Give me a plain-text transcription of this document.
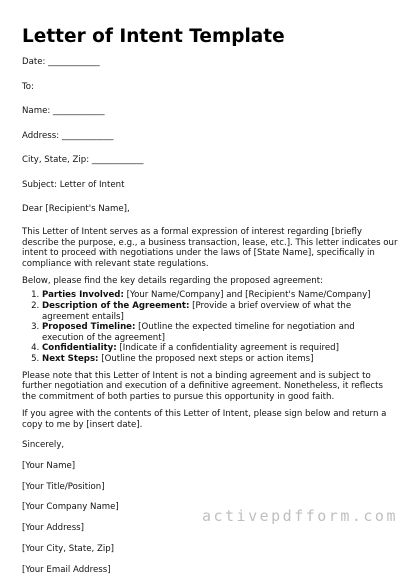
Letter of Intent Template

Date: ____________

To:

Name: ____________

Address: ____________

City, State, Zip: ____________

Subject: Letter of Intent

Dear [Recipient's Name],

This Letter of Intent serves as a formal expression of interest regarding [briefly describe the purpose, e.g., a business transaction, lease, etc.]. This letter indicates our intent to proceed with negotiations under the laws of [State Name], specifically in compliance with relevant state regulations.

Below, please find the key details regarding the proposed agreement:

1. Parties Involved: [Your Name/Company] and [Recipient's Name/Company]
2. Description of the Agreement: [Provide a brief overview of what the agreement entails]
3. Proposed Timeline: [Outline the expected timeline for negotiation and execution of the agreement]
4. Confidentiality: [Indicate if a confidentiality agreement is required]
5. Next Steps: [Outline the proposed next steps or action items]

Please note that this Letter of Intent is not a binding agreement and is subject to further negotiation and execution of a definitive agreement. Nonetheless, it reflects the commitment of both parties to pursue this opportunity in good faith.

If you agree with the contents of this Letter of Intent, please sign below and return a copy to me by [insert date].

Sincerely,

[Your Name]

[Your Title/Position]

[Your Company Name]

[Your Address]

[Your City, State, Zip]

[Your Email Address]

activepdfform.com
